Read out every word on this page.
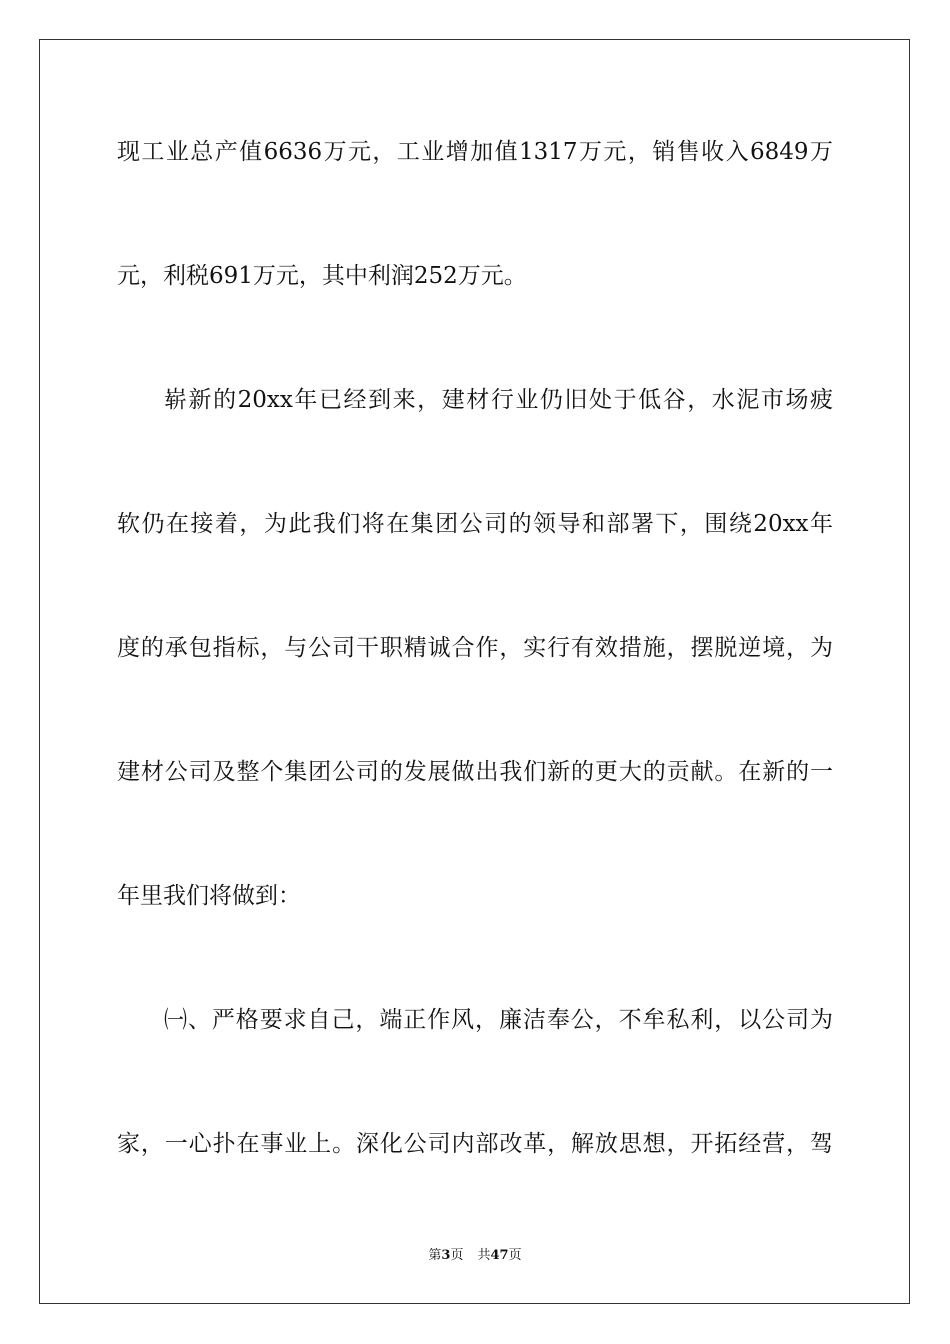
现工业总产值6636万元，工业增加值1317万元，销售收入6849万
元，利税691万元，其中利润252万元。
崭新的20xx年已经到来，建材行业仍旧处于低谷，水泥市场疲
软仍在接着，为此我们将在集团公司的领导和部署下，围绕20xx年
度的承包指标，与公司干职精诚合作，实行有效措施，摆脱逆境，为
建材公司及整个集团公司的发展做出我们新的更大的贡献。在新的一
年里我们将做到：
㈠、严格要求自己，端正作风，廉洁奉公，不牟私利，以公司为
家，一心扑在事业上。深化公司内部改革，解放思想，开拓经营，驾
第3页 共47页
